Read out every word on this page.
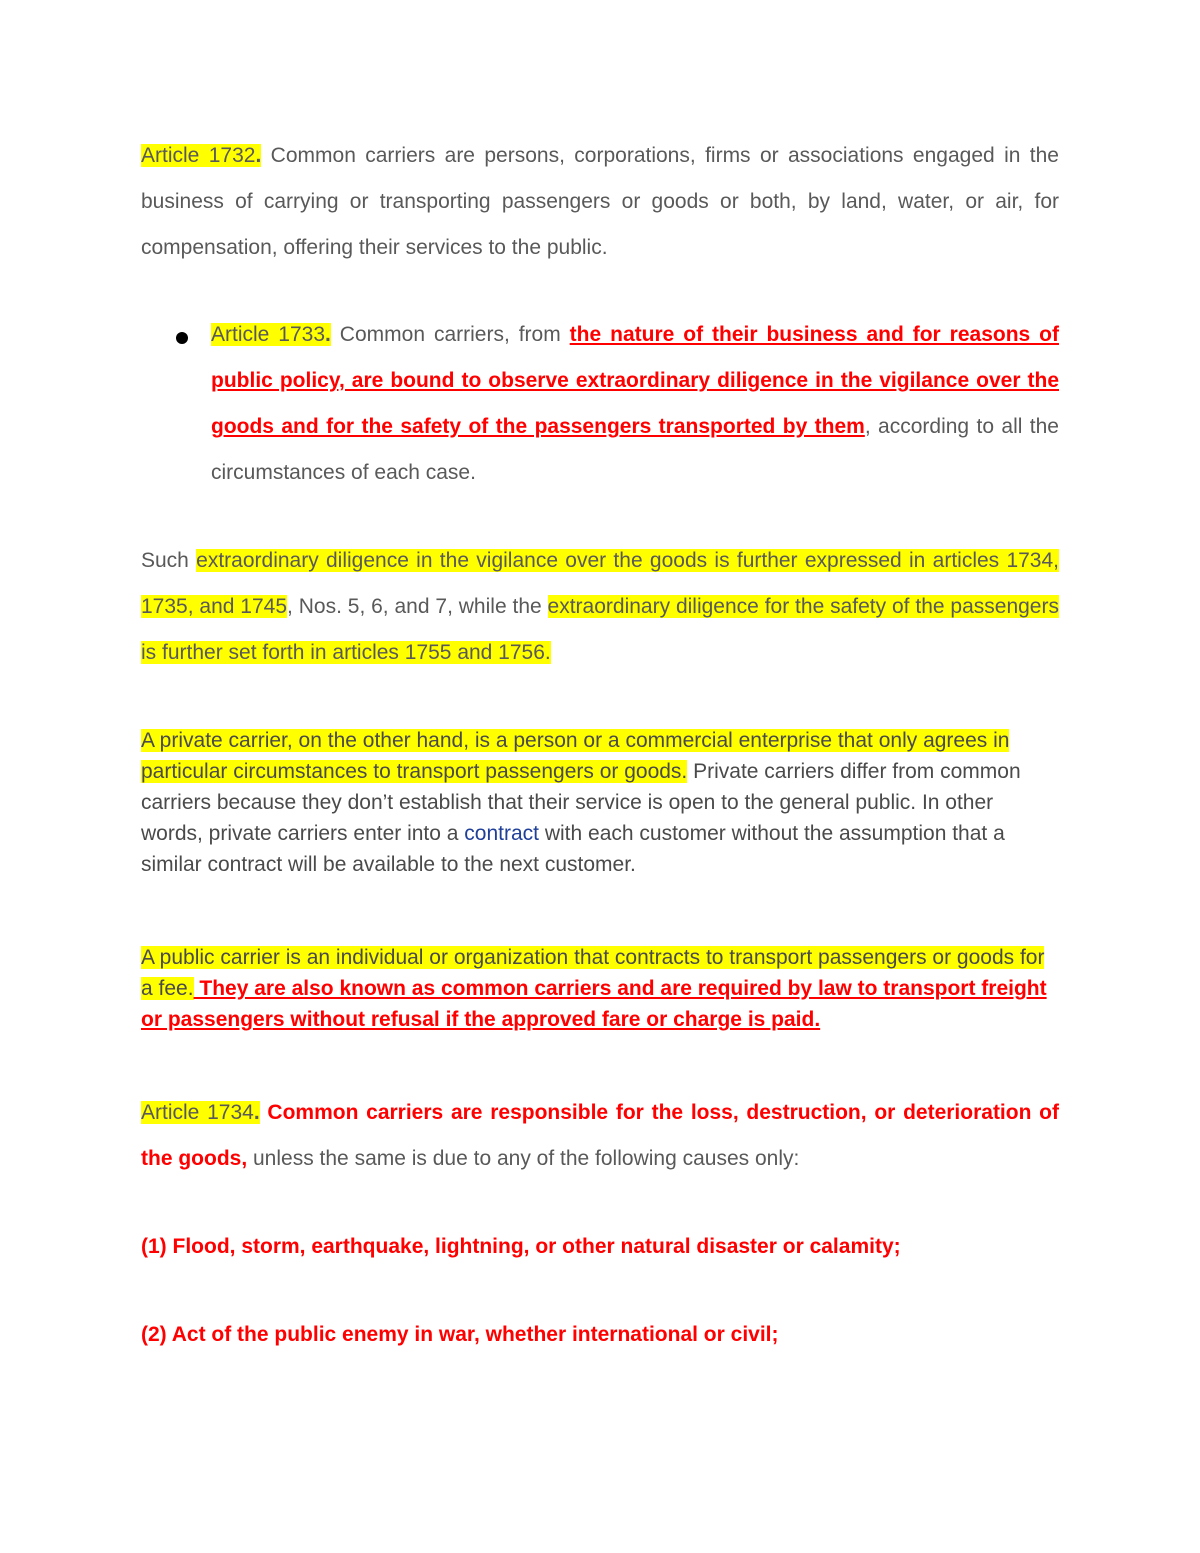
Article 1732. Common carriers are persons, corporations, firms or associations engaged in the business of carrying or transporting passengers or goods or both, by land, water, or air, for compensation, offering their services to the public.
Article 1733. Common carriers, from the nature of their business and for reasons of public policy, are bound to observe extraordinary diligence in the vigilance over the goods and for the safety of the passengers transported by them, according to all the circumstances of each case.
Such extraordinary diligence in the vigilance over the goods is further expressed in articles 1734, 1735, and 1745, Nos. 5, 6, and 7, while the extraordinary diligence for the safety of the passengers is further set forth in articles 1755 and 1756.
A private carrier, on the other hand, is a person or a commercial enterprise that only agrees in particular circumstances to transport passengers or goods. Private carriers differ from common carriers because they don’t establish that their service is open to the general public. In other words, private carriers enter into a contract with each customer without the assumption that a similar contract will be available to the next customer.
A public carrier is an individual or organization that contracts to transport passengers or goods for a fee. They are also known as common carriers and are required by law to transport freight or passengers without refusal if the approved fare or charge is paid.
Article 1734. Common carriers are responsible for the loss, destruction, or deterioration of the goods, unless the same is due to any of the following causes only:
(1) Flood, storm, earthquake, lightning, or other natural disaster or calamity;
(2) Act of the public enemy in war, whether international or civil;
